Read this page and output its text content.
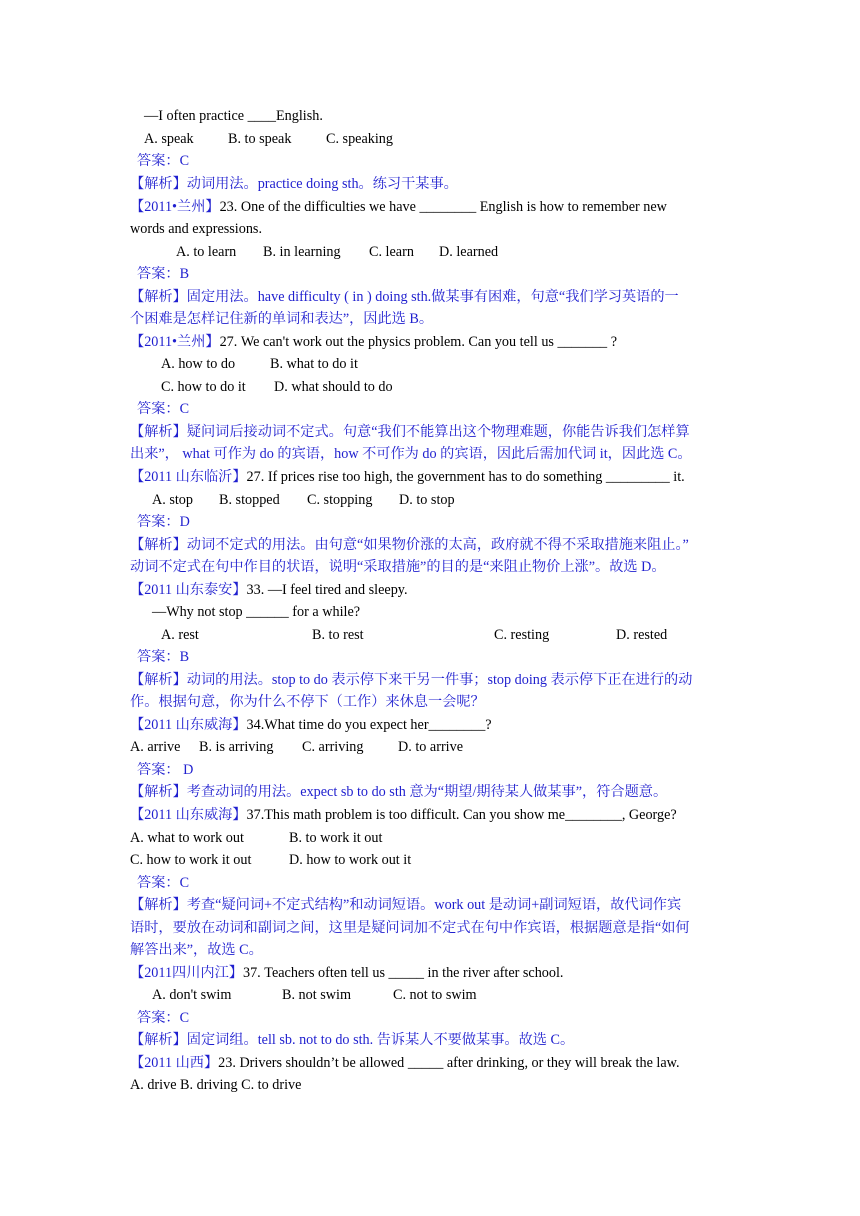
—I often practice ____English.
A. speak B. to speak C. speaking
答案：C
【解析】动词用法。practice doing sth。练习干某事。
【2011•兰州】23. One of the difficulties we have ________ English is how to remember new
words and expressions.
A. to learn B. in learning C. learn D. learned
答案：B
【解析】固定用法。have difficulty ( in ) doing sth.做某事有困难，句意“我们学习英语的一
个困难是怎样记住新的单词和表达”，因此选 B。
【2011•兰州】27. We can't work out the physics problem. Can you tell us _______ ?
A. how to do B. what to do it
C. how to do it D. what should to do
答案：C
【解析】疑问词后接动词不定式。句意“我们不能算出这个物理难题，你能告诉我们怎样算
出来”， what 可作为 do 的宾语，how 不可作为 do 的宾语，因此后需加代词 it，因此选 C。
【2011 山东临沂】27. If prices rise too high, the government has to do something _________ it.
A. stop B. stopped C. stopping D. to stop
答案：D
【解析】动词不定式的用法。由句意“如果物价涨的太高，政府就不得不采取措施来阻止。”
动词不定式在句中作目的状语，说明“采取措施”的目的是“来阻止物价上涨”。故选 D。
【2011 山东泰安】33. —I feel tired and sleepy.
—Why not stop ______ for a while?
A. rest	B. to rest	C. resting	D. rested
答案：B
【解析】动词的用法。stop to do 表示停下来干另一件事；stop doing 表示停下正在进行的动
作。根据句意，你为什么不停下（工作）来休息一会呢？
【2011 山东威海】34.What time do you expect her________?
A. arrive B. is arriving C. arriving D. to arrive
答案： D
【解析】考查动词的用法。expect sb to do sth 意为“期望/期待某人做某事”，符合题意。
【2011 山东威海】37.This math problem is too difficult. Can you show me________, George?
A. what to work out	B. to work it out
C. how to work it out	D. how to work out it
答案：C
【解析】考查“疑问词+不定式结构”和动词短语。work out 是动词+副词短语，故代词作宾
语时，要放在动词和副词之间，这里是疑问词加不定式在句中作宾语，根据题意是指“如何
解答出来”，故选 C。
【2011四川内江】37. Teachers often tell us _____ in the river after school.
A. don't swim	B. not swim	C. not to swim
答案：C
【解析】固定词组。tell sb. not to do sth. 告诉某人不要做某事。故选 C。
【2011 山西】23. Drivers shouldn’t be allowed _____ after drinking, or they will break the law.
A. drive B. driving C. to drive
